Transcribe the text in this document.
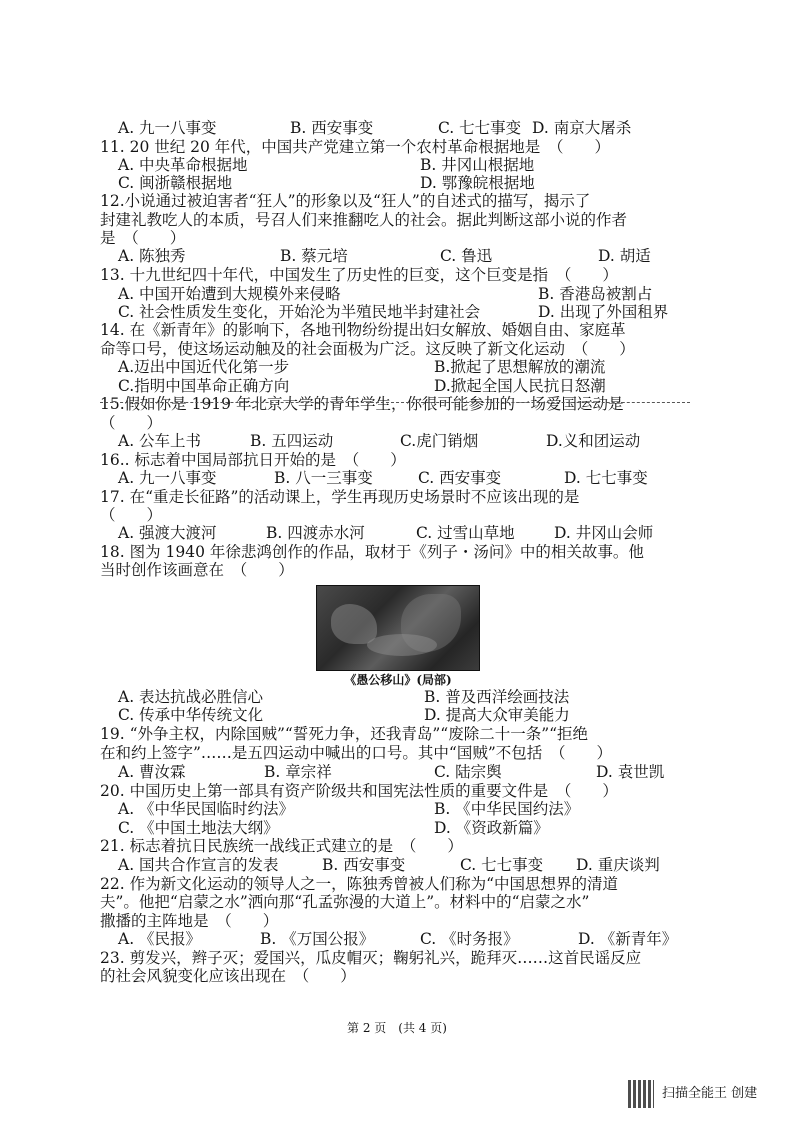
A. 九一八事变	B. 西安事变	C. 七七事变 D. 南京大屠杀
11. 20 世纪 20 年代，中国共产党建立第一个农村革命根据地是　（　　）
A. 中央革命根据地	B. 井冈山根据地
C. 闽浙赣根据地	D. 鄂豫皖根据地
12.小说通过被迫害者“狂人”的形象以及“狂人”的自述式的描写，揭示了
封建礼教吃人的本质，号召人们来推翻吃人的社会。据此判断这部小说的作者
是　（　　）
A. 陈独秀	B. 蔡元培	C. 鲁迅	D. 胡适
13. 十九世纪四十年代，中国发生了历史性的巨变，这个巨变是指　（　　）
A. 中国开始遭到大规模外来侵略	B. 香港岛被割占
C. 社会性质发生变化，开始沦为半殖民地半封建社会	D. 出现了外国租界
14. 在《新青年》的影响下，各地刊物纷纷提出妇女解放、婚姻自由、家庭革
命等口号，使这场运动触及的社会面极为广泛。这反映了新文化运动　（　　）
A.迈出中国近代化第一步	B.掀起了思想解放的潮流
C.指明中国革命正确方向	D.掀起全国人民抗日怒潮
15.假如你是 1919 年北京大学的青年学生，你很可能参加的一场爱国运动是
（　　）
A. 公车上书	B. 五四运动	C.虎门销烟	D.义和团运动
16.. 标志着中国局部抗日开始的是　（　　）
A. 九一八事变	B. 八一三事变	C. 西安事变	D. 七七事变
17. 在“重走长征路”的活动课上，学生再现历史场景时不应该出现的是
（　　）
A. 强渡大渡河	B. 四渡赤水河	C. 过雪山草地	D. 井冈山会师
18. 图为 1940 年徐悲鸿创作的作品，取材于《列子・汤问》中的相关故事。他
当时创作该画意在　（　　）
A. 表达抗战必胜信心	B. 普及西洋绘画技法
C. 传承中华传统文化	D. 提高大众审美能力
19. “外争主权，内除国贼”“誓死力争，还我青岛”“废除二十一条”“拒绝
在和约上签字”……是五四运动中喊出的口号。其中“国贼”不包括　（　　）
A. 曹汝霖	B. 章宗祥	C. 陆宗舆	D. 袁世凯
20. 中国历史上第一部具有资产阶级共和国宪法性质的重要文件是　（　　）
A. 《中华民国临时约法》	B. 《中华民国约法》
C. 《中国土地法大纲》	D. 《资政新篇》
21. 标志着抗日民族统一战线正式建立的是　（　　）
A. 国共合作宣言的发表	B. 西安事变	C. 七七事变 D. 重庆谈判
22. 作为新文化运动的领导人之一，陈独秀曾被人们称为“中国思想界的清道
夫”。他把“启蒙之水”洒向那“孔孟弥漫的大道上”。材料中的“启蒙之水”
撒播的主阵地是　（　　）
A. 《民报》	B. 《万国公报》	C. 《时务报》	D. 《新青年》
23. 剪发兴，辫子灭；爱国兴，瓜皮帽灭；鞠躬礼兴，跪拜灭……这首民谣反应
的社会风貌变化应该出现在　（　　）
《愚公移山》(局部)
第 2 页　(共 4 页)
扫描全能王 创建
